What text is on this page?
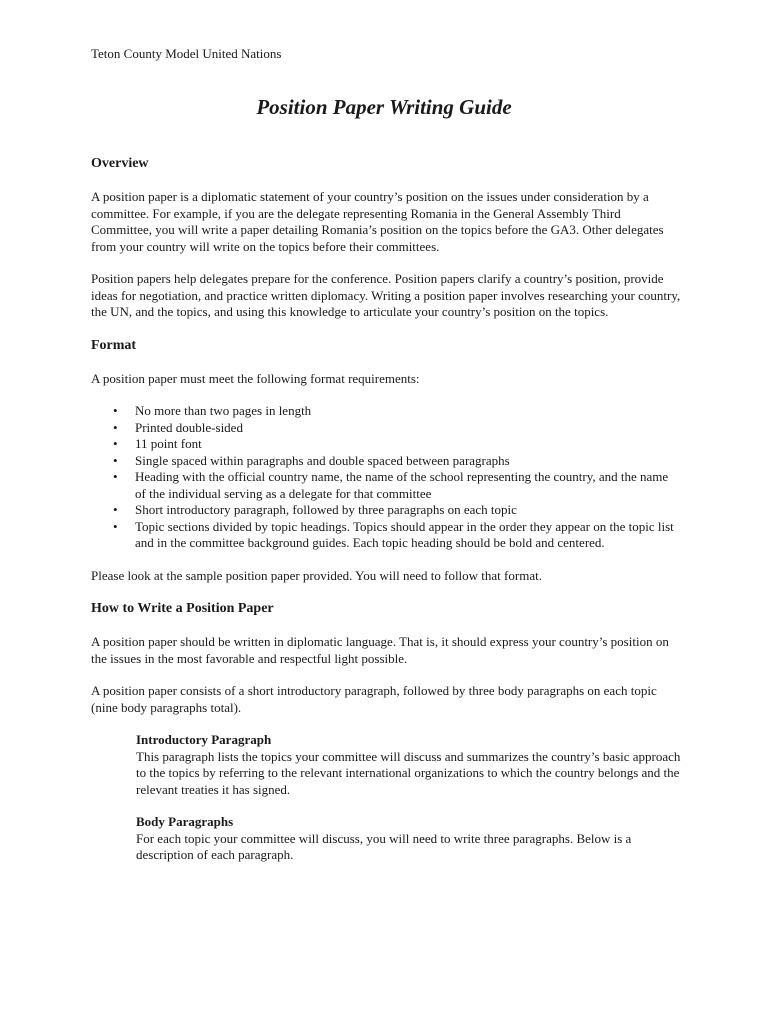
Teton County Model United Nations
Position Paper Writing Guide
Overview

A position paper is a diplomatic statement of your country’s position on the issues under consideration by a committee. For example, if you are the delegate representing Romania in the General Assembly Third Committee, you will write a paper detailing Romania’s position on the topics before the GA3. Other delegates from your country will write on the topics before their committees.

Position papers help delegates prepare for the conference. Position papers clarify a country’s position, provide ideas for negotiation, and practice written diplomacy. Writing a position paper involves researching your country, the UN, and the topics, and using this knowledge to articulate your country’s position on the topics.

Format

A position paper must meet the following format requirements:

• No more than two pages in length
• Printed double-sided
• 11 point font
• Single spaced within paragraphs and double spaced between paragraphs
• Heading with the official country name, the name of the school representing the country, and the name of the individual serving as a delegate for that committee
• Short introductory paragraph, followed by three paragraphs on each topic
• Topic sections divided by topic headings. Topics should appear in the order they appear on the topic list and in the committee background guides. Each topic heading should be bold and centered.

Please look at the sample position paper provided. You will need to follow that format.

How to Write a Position Paper

A position paper should be written in diplomatic language. That is, it should express your country’s position on the issues in the most favorable and respectful light possible.

A position paper consists of a short introductory paragraph, followed by three body paragraphs on each topic (nine body paragraphs total).

Introductory Paragraph

This paragraph lists the topics your committee will discuss and summarizes the country’s basic approach to the topics by referring to the relevant international organizations to which the country belongs and the relevant treaties it has signed.

Body Paragraphs

For each topic your committee will discuss, you will need to write three paragraphs. Below is a description of each paragraph.
